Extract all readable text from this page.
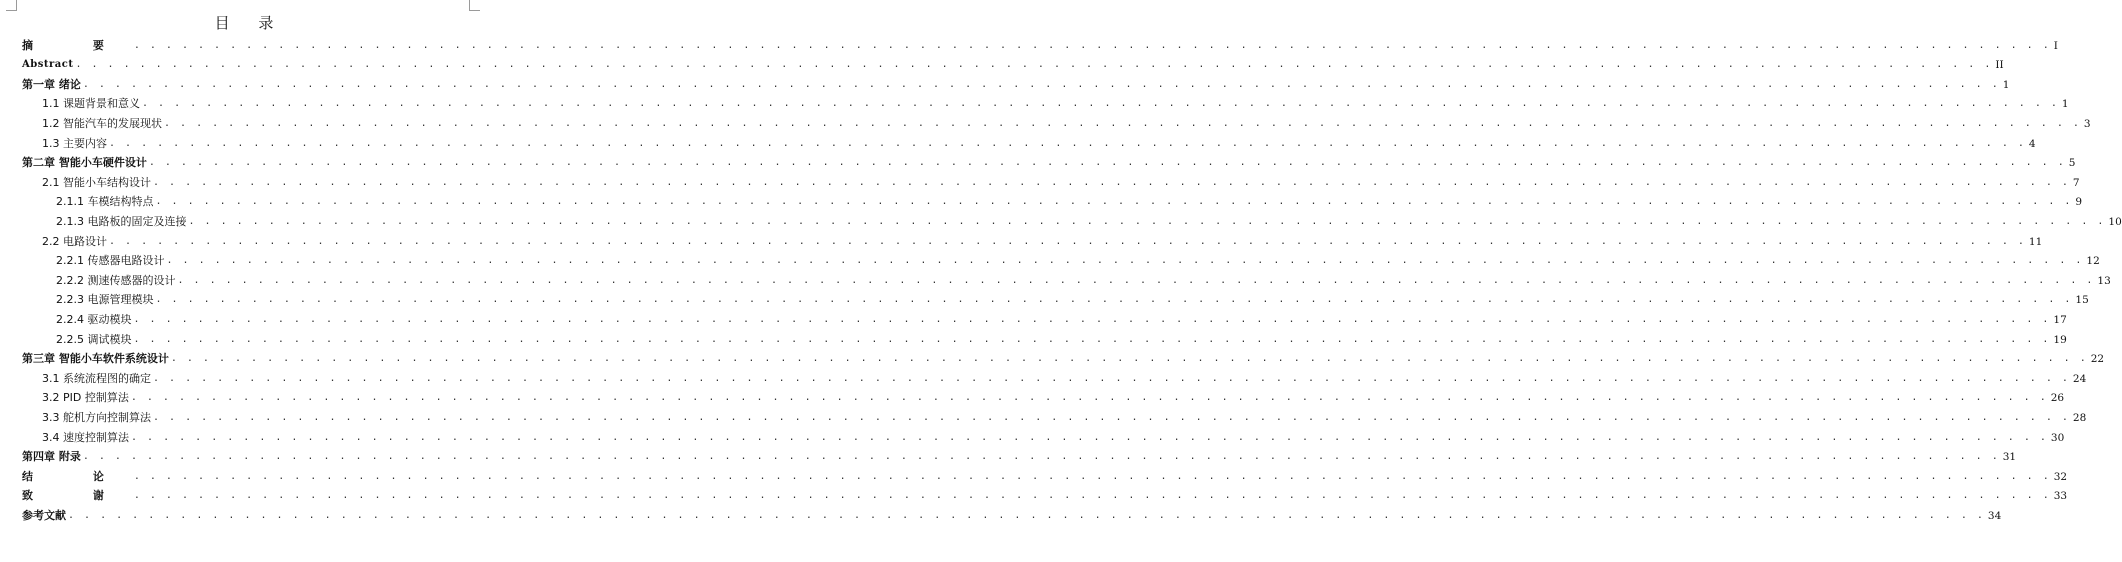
目 录
摘 要 . . . . . . . . . . . . . . . . . . . . . . . . . . . . . . . . . . . . . . . . . . . . . . . . . . . . . . . . . . . . . . . . . . . . . . . . . . . . . . . . . . . . . . . . . . . . . . . . . . . . . . . . . . . . . . . . . . . . . . . . I
Abstract . . . . . . . . . . . . . . . . . . . . . . . . . . . . . . . . . . . . . . . . . . . . . . . . . . . . . . . . . . . . . . . . . . . . . . . . . . . . . . . . . . . . . . . . . . . . . . . . . . . . . . . . . . . . . . . . . . . . . . . . II
第一章 绪论 . . . . . . . . . . . . . . . . . . . . . . . . . . . . . . . . . . . . . . . . . . . . . . . . . . . . . . . . . . . . . . . . . . . . . . . . . . . . . . . . . . . . . . . . . . . . . . . . . . . . . . . . . . . . . . . . . . . . . . . . 1
1.1 课题背景和意义 . . . . . . . . . . . . . . . . . . . . . . . . . . . . . . . . . . . . . . . . . . . . . . . . . . . . . . . . . . . . . . . . . . . . . . . . . . . . . . . . . . . . . . . . . . . . . . . . . . . . . . . . . . . . . . . . . . . . . . . . 1
1.2 智能汽车的发展现状 . . . . . . . . . . . . . . . . . . . . . . . . . . . . . . . . . . . . . . . . . . . . . . . . . . . . . . . . . . . . . . . . . . . . . . . . . . . . . . . . . . . . . . . . . . . . . . . . . . . . . . . . . . . . . . . . . . . . . . . . 3
1.3 主要内容 . . . . . . . . . . . . . . . . . . . . . . . . . . . . . . . . . . . . . . . . . . . . . . . . . . . . . . . . . . . . . . . . . . . . . . . . . . . . . . . . . . . . . . . . . . . . . . . . . . . . . . . . . . . . . . . . . . . . . . . . 4
第二章 智能小车硬件设计 . . . . . . . . . . . . . . . . . . . . . . . . . . . . . . . . . . . . . . . . . . . . . . . . . . . . . . . . . . . . . . . . . . . . . . . . . . . . . . . . . . . . . . . . . . . . . . . . . . . . . . . . . . . . . . . . . . . . . . . . 5
2.1 智能小车结构设计 . . . . . . . . . . . . . . . . . . . . . . . . . . . . . . . . . . . . . . . . . . . . . . . . . . . . . . . . . . . . . . . . . . . . . . . . . . . . . . . . . . . . . . . . . . . . . . . . . . . . . . . . . . . . . . . . . . . . . . . . 7
2.1.1 车模结构特点 . . . . . . . . . . . . . . . . . . . . . . . . . . . . . . . . . . . . . . . . . . . . . . . . . . . . . . . . . . . . . . . . . . . . . . . . . . . . . . . . . . . . . . . . . . . . . . . . . . . . . . . . . . . . . . . . . . . . . . . . 9
2.1.3 电路板的固定及连接 . . . . . . . . . . . . . . . . . . . . . . . . . . . . . . . . . . . . . . . . . . . . . . . . . . . . . . . . . . . . . . . . . . . . . . . . . . . . . . . . . . . . . . . . . . . . . . . . . . . . . . . . . . . . . . . . . . . . . . . . 10
2.2 电路设计 . . . . . . . . . . . . . . . . . . . . . . . . . . . . . . . . . . . . . . . . . . . . . . . . . . . . . . . . . . . . . . . . . . . . . . . . . . . . . . . . . . . . . . . . . . . . . . . . . . . . . . . . . . . . . . . . . . . . . . . . 11
2.2.1 传感器电路设计 . . . . . . . . . . . . . . . . . . . . . . . . . . . . . . . . . . . . . . . . . . . . . . . . . . . . . . . . . . . . . . . . . . . . . . . . . . . . . . . . . . . . . . . . . . . . . . . . . . . . . . . . . . . . . . . . . . . . . . . . 12
2.2.2 测速传感器的设计 . . . . . . . . . . . . . . . . . . . . . . . . . . . . . . . . . . . . . . . . . . . . . . . . . . . . . . . . . . . . . . . . . . . . . . . . . . . . . . . . . . . . . . . . . . . . . . . . . . . . . . . . . . . . . . . . . . . . . . . . 13
2.2.3 电源管理模块 . . . . . . . . . . . . . . . . . . . . . . . . . . . . . . . . . . . . . . . . . . . . . . . . . . . . . . . . . . . . . . . . . . . . . . . . . . . . . . . . . . . . . . . . . . . . . . . . . . . . . . . . . . . . . . . . . . . . . . . . 15
2.2.4 驱动模块 . . . . . . . . . . . . . . . . . . . . . . . . . . . . . . . . . . . . . . . . . . . . . . . . . . . . . . . . . . . . . . . . . . . . . . . . . . . . . . . . . . . . . . . . . . . . . . . . . . . . . . . . . . . . . . . . . . . . . . . . 17
2.2.5 调试模块 . . . . . . . . . . . . . . . . . . . . . . . . . . . . . . . . . . . . . . . . . . . . . . . . . . . . . . . . . . . . . . . . . . . . . . . . . . . . . . . . . . . . . . . . . . . . . . . . . . . . . . . . . . . . . . . . . . . . . . . . 19
第三章 智能小车软件系统设计 . . . . . . . . . . . . . . . . . . . . . . . . . . . . . . . . . . . . . . . . . . . . . . . . . . . . . . . . . . . . . . . . . . . . . . . . . . . . . . . . . . . . . . . . . . . . . . . . . . . . . . . . . . . . . . . . . . . . . . . . 22
3.1 系统流程图的确定 . . . . . . . . . . . . . . . . . . . . . . . . . . . . . . . . . . . . . . . . . . . . . . . . . . . . . . . . . . . . . . . . . . . . . . . . . . . . . . . . . . . . . . . . . . . . . . . . . . . . . . . . . . . . . . . . . . . . . . . . 24
3.2 PID 控制算法 . . . . . . . . . . . . . . . . . . . . . . . . . . . . . . . . . . . . . . . . . . . . . . . . . . . . . . . . . . . . . . . . . . . . . . . . . . . . . . . . . . . . . . . . . . . . . . . . . . . . . . . . . . . . . . . . . . . . . . . . 26
3.3 舵机方向控制算法 . . . . . . . . . . . . . . . . . . . . . . . . . . . . . . . . . . . . . . . . . . . . . . . . . . . . . . . . . . . . . . . . . . . . . . . . . . . . . . . . . . . . . . . . . . . . . . . . . . . . . . . . . . . . . . . . . . . . . . . . 28
3.4 速度控制算法 . . . . . . . . . . . . . . . . . . . . . . . . . . . . . . . . . . . . . . . . . . . . . . . . . . . . . . . . . . . . . . . . . . . . . . . . . . . . . . . . . . . . . . . . . . . . . . . . . . . . . . . . . . . . . . . . . . . . . . . . 30
第四章 附录 . . . . . . . . . . . . . . . . . . . . . . . . . . . . . . . . . . . . . . . . . . . . . . . . . . . . . . . . . . . . . . . . . . . . . . . . . . . . . . . . . . . . . . . . . . . . . . . . . . . . . . . . . . . . . . . . . . . . . . . . 31
结 论 . . . . . . . . . . . . . . . . . . . . . . . . . . . . . . . . . . . . . . . . . . . . . . . . . . . . . . . . . . . . . . . . . . . . . . . . . . . . . . . . . . . . . . . . . . . . . . . . . . . . . . . . . . . . . . . . . . . . . . . . 32
致 谢 . . . . . . . . . . . . . . . . . . . . . . . . . . . . . . . . . . . . . . . . . . . . . . . . . . . . . . . . . . . . . . . . . . . . . . . . . . . . . . . . . . . . . . . . . . . . . . . . . . . . . . . . . . . . . . . . . . . . . . . . 33
参考文献 . . . . . . . . . . . . . . . . . . . . . . . . . . . . . . . . . . . . . . . . . . . . . . . . . . . . . . . . . . . . . . . . . . . . . . . . . . . . . . . . . . . . . . . . . . . . . . . . . . . . . . . . . . . . . . . . . . . . . . . . 34
